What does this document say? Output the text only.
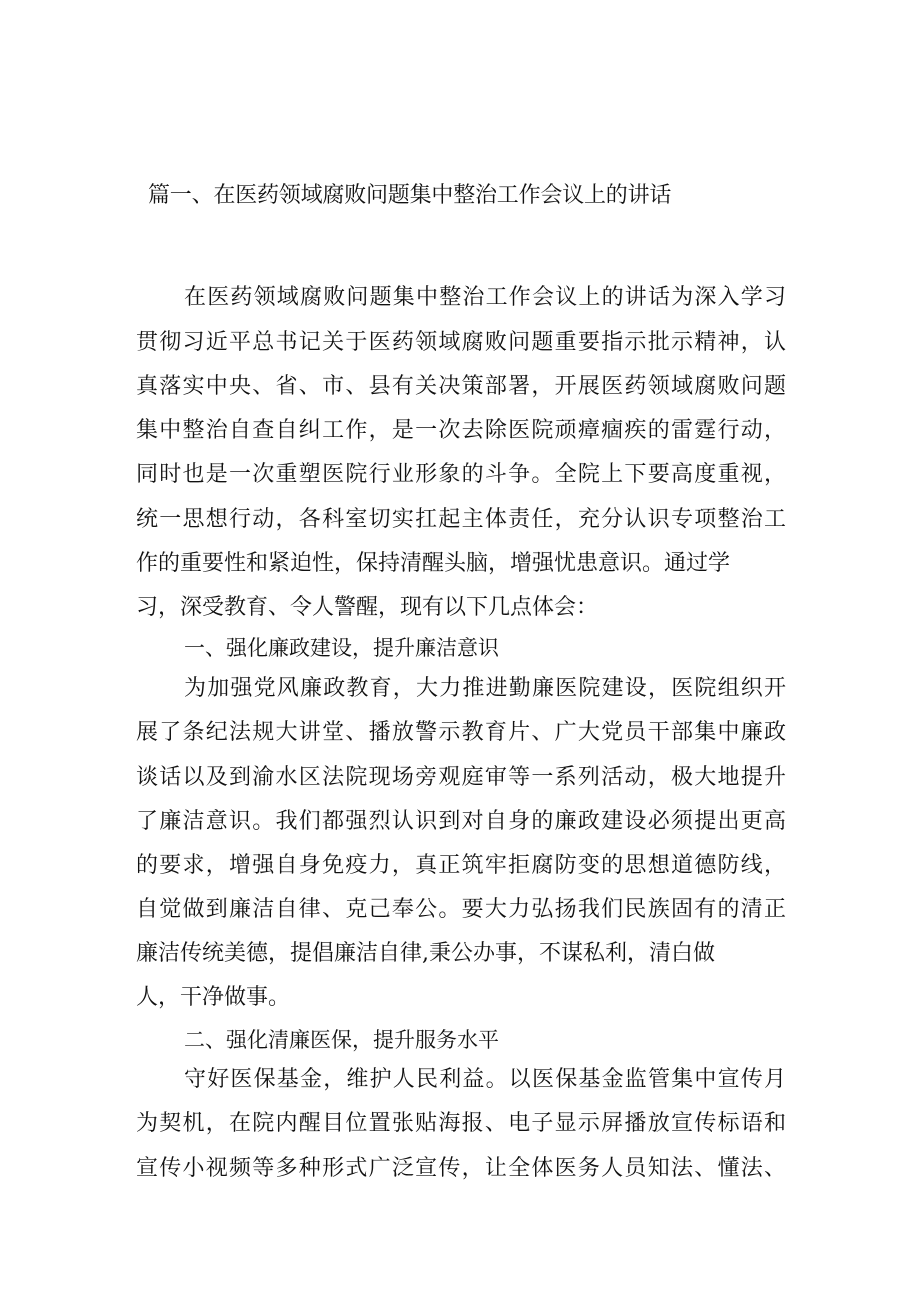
篇一、在医药领域腐败问题集中整治工作会议上的讲话
在医药领域腐败问题集中整治工作会议上的讲话为深入学习
贯彻习近平总书记关于医药领域腐败问题重要指示批示精神，认
真落实中央、省、市、县有关决策部署，开展医药领域腐败问题
集中整治自查自纠工作，是一次去除医院顽瘴痼疾的雷霆行动，
同时也是一次重塑医院行业形象的斗争。全院上下要高度重视，
统一思想行动，各科室切实扛起主体责任，充分认识专项整治工
作的重要性和紧迫性，保持清醒头脑，增强忧患意识。通过学
习，深受教育、令人警醒，现有以下几点体会：
一、强化廉政建设，提升廉洁意识
为加强党风廉政教育，大力推进勤廉医院建设，医院组织开
展了条纪法规大讲堂、播放警示教育片、广大党员干部集中廉政
谈话以及到渝水区法院现场旁观庭审等一系列活动，极大地提升
了廉洁意识。我们都强烈认识到对自身的廉政建设必须提出更高
的要求，增强自身免疫力，真正筑牢拒腐防变的思想道德防线，
自觉做到廉洁自律、克己奉公。要大力弘扬我们民族固有的清正
廉洁传统美德，提倡廉洁自律,秉公办事，不谋私利，清白做
人，干净做事。
二、强化清廉医保，提升服务水平
守好医保基金，维护人民利益。以医保基金监管集中宣传月
为契机，在院内醒目位置张贴海报、电子显示屏播放宣传标语和
宣传小视频等多种形式广泛宣传，让全体医务人员知法、懂法、
